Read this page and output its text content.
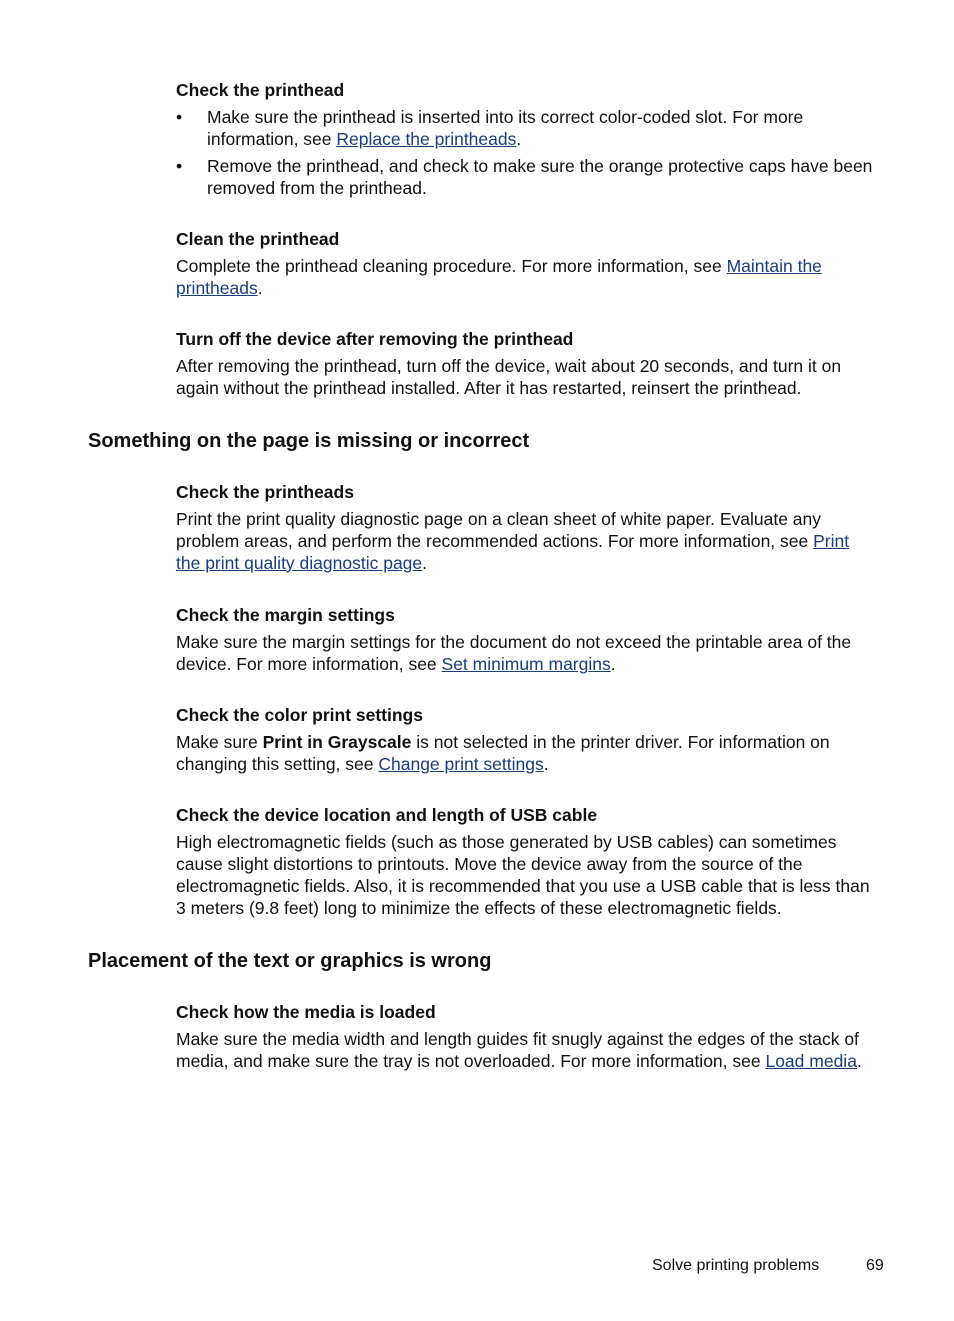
Check the printhead
• Make sure the printhead is inserted into its correct color-coded slot. For more information, see Replace the printheads.
• Remove the printhead, and check to make sure the orange protective caps have been removed from the printhead.
Clean the printhead

Complete the printhead cleaning procedure. For more information, see Maintain the printheads.

Turn off the device after removing the printhead

After removing the printhead, turn off the device, wait about 20 seconds, and turn it on again without the printhead installed. After it has restarted, reinsert the printhead.

Something on the page is missing or incorrect
Check the printheads

Print the print quality diagnostic page on a clean sheet of white paper. Evaluate any problem areas, and perform the recommended actions. For more information, see Print the print quality diagnostic page.

Check the margin settings

Make sure the margin settings for the document do not exceed the printable area of the device. For more information, see Set minimum margins.

Check the color print settings

Make sure Print in Grayscale is not selected in the printer driver. For information on changing this setting, see Change print settings.

Check the device location and length of USB cable

High electromagnetic fields (such as those generated by USB cables) can sometimes cause slight distortions to printouts. Move the device away from the source of the electromagnetic fields. Also, it is recommended that you use a USB cable that is less than 3 meters (9.8 feet) long to minimize the effects of these electromagnetic fields.

Placement of the text or graphics is wrong
Check how the media is loaded

Make sure the media width and length guides fit snugly against the edges of the stack of media, and make sure the tray is not overloaded. For more information, see Load media.

Solve printing problems	69
